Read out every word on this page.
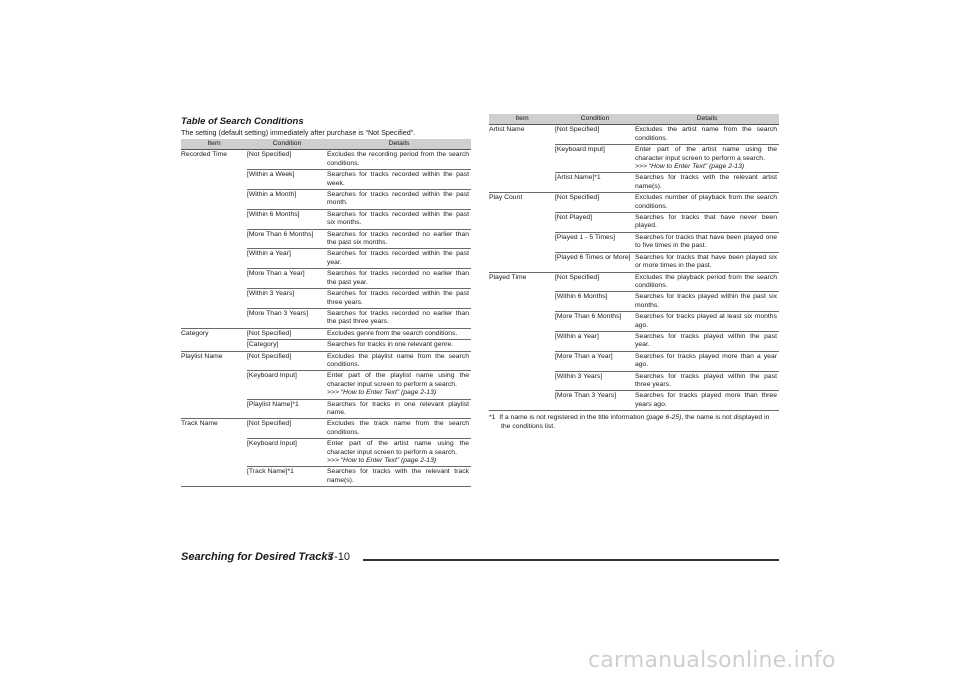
Table of Search Conditions

The setting (default setting) immediately after purchase is “Not Specified”.

Item	Condition	Details
Recorded Time	[Not Specified]	Excludes the recording period from the search conditions.
	[Within a Week]	Searches for tracks recorded within the past week.
	[Within a Month]	Searches for tracks recorded within the past month.
	[Within 6 Months]	Searches for tracks recorded within the past six months.
	[More Than 6 Months]	Searches for tracks recorded no earlier than the past six months.
	[Within a Year]	Searches for tracks recorded within the past year.
	[More Than a Year]	Searches for tracks recorded no earlier than the past year.
	[Within 3 Years]	Searches for tracks recorded within the past three years.
	[More Than 3 Years]	Searches for tracks recorded no earlier than the past three years.
Category	[Not Specified]	Excludes genre from the search conditions.
	[Category]	Searches for tracks in one relevant genre.
Playlist Name	[Not Specified]	Excludes the playlist name from the search conditions.
	[Keyboard Input]	Enter part of the playlist name using the character input screen to perform a search.
>>> “How to Enter Text” (page 2-13)
	[Playlist Name]*1	Searches for tracks in one relevant playlist name.
Track Name	[Not Specified]	Excludes the track name from the search conditions.
	[Keyboard Input]	Enter part of the artist name using the character input screen to perform a search.
>>> “How to Enter Text” (page 2-13)
	[Track Name]*1	Searches for tracks with the relevant track name(s).
Item	Condition	Details
Artist Name	[Not Specified]	Excludes the artist name from the search conditions.
	[Keyboard Input]	Enter part of the artist name using the character input screen to perform a search.
>>> “How to Enter Text” (page 2-13)
	[Artist Name]*1	Searches for tracks with the relevant artist name(s).
Play Count	[Not Specified]	Excludes number of playback from the search conditions.
	[Not Played]	Searches for tracks that have never been played.
	[Played 1 - 5 Times]	Searches for tracks that have been played one to five times in the past.
	[Played 6 Times or More]	Searches for tracks that have been played six or more times in the past.
Played Time	[Not Specified]	Excludes the playback period from the search conditions.
	[Within 6 Months]	Searches for tracks played within the past six months.
	[More Than 6 Months]	Searches for tracks played at least six months ago.
	[Within a Year]	Searches for tracks played within the past year.
	[More Than a Year]	Searches for tracks played more than a year ago.
	[Within 3 Years]	Searches for tracks played within the past three years.
	[More Than 3 Years]	Searches for tracks played more than three years ago.
*1 If a name is not registered in the title information (page 6-25), the name is not displayed in the conditions list.
Searching for Desired Tracks
7-10
carmanualsonline.info
